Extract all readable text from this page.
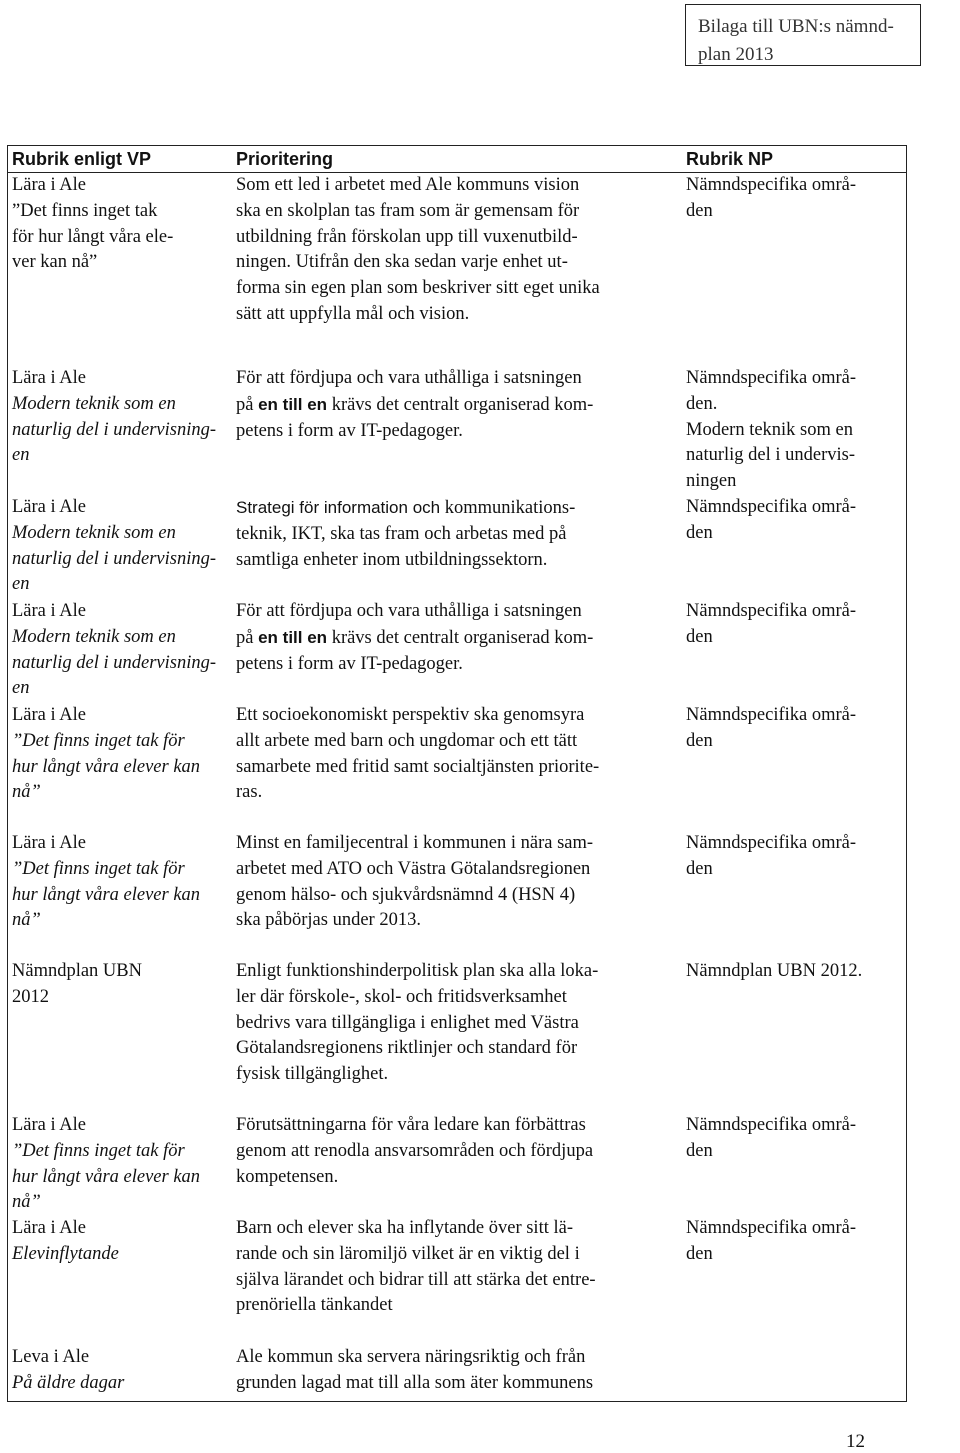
Bilaga till UBN:s nämnd-
plan 2013
Rubrik enligt VP	Prioritering	Rubrik NP
Lära i Ale
”Det finns inget tak
för hur långt våra ele-
ver kan nå”
Som ett led i arbetet med Ale kommuns vision
ska en skolplan tas fram som är gemensam för
utbildning från förskolan upp till vuxenutbild-
ningen. Utifrån den ska sedan varje enhet ut-
forma sin egen plan som beskriver sitt eget unika
sätt att uppfylla mål och vision.
Nämndspecifika områ-
den
Lära i Ale
Modern teknik som en
naturlig del i undervisning-
en
För att fördjupa och vara uthålliga i satsningen
på en till en krävs det centralt organiserad kom-
petens i form av IT-pedagoger.
Nämndspecifika områ-
den.
Modern teknik som en
naturlig del i undervis-
ningen
Lära i Ale
Modern teknik som en
naturlig del i undervisning-
en
Strategi för information och kommunikations-
teknik, IKT, ska tas fram och arbetas med på
samtliga enheter inom utbildningssektorn.
Nämndspecifika områ-
den
Lära i Ale
Modern teknik som en
naturlig del i undervisning-
en
För att fördjupa och vara uthålliga i satsningen
på en till en krävs det centralt organiserad kom-
petens i form av IT-pedagoger.
Nämndspecifika områ-
den
Lära i Ale
”Det finns inget tak för
hur långt våra elever kan
nå”
Ett socioekonomiskt perspektiv ska genomsyra
allt arbete med barn och ungdomar och ett tätt
samarbete med fritid samt socialtjänsten priorite-
ras.
Nämndspecifika områ-
den
Lära i Ale
”Det finns inget tak för
hur långt våra elever kan
nå”
Minst en familjecentral i kommunen i nära sam-
arbetet med ATO och Västra Götalandsregionen
genom hälso- och sjukvårdsnämnd 4 (HSN 4)
ska påbörjas under 2013.
Nämndspecifika områ-
den
Nämndplan UBN
2012
Enligt funktionshinderpolitisk plan ska alla loka-
ler där förskole-, skol- och fritidsverksamhet
bedrivs vara tillgängliga i enlighet med Västra
Götalandsregionens riktlinjer och standard för
fysisk tillgänglighet.
Nämndplan UBN 2012.
Lära i Ale
”Det finns inget tak för
hur långt våra elever kan
nå”
Förutsättningarna för våra ledare kan förbättras
genom att renodla ansvarsområden och fördjupa
kompetensen.
Nämndspecifika områ-
den
Lära i Ale
Elevinflytande
Barn och elever ska ha inflytande över sitt lä-
rande och sin läromiljö vilket är en viktig del i
själva lärandet och bidrar till att stärka det entre-
prenöriella tänkandet
Nämndspecifika områ-
den
Leva i Ale
På äldre dagar
Ale kommun ska servera näringsriktig och från
grunden lagad mat till alla som äter kommunens
12
